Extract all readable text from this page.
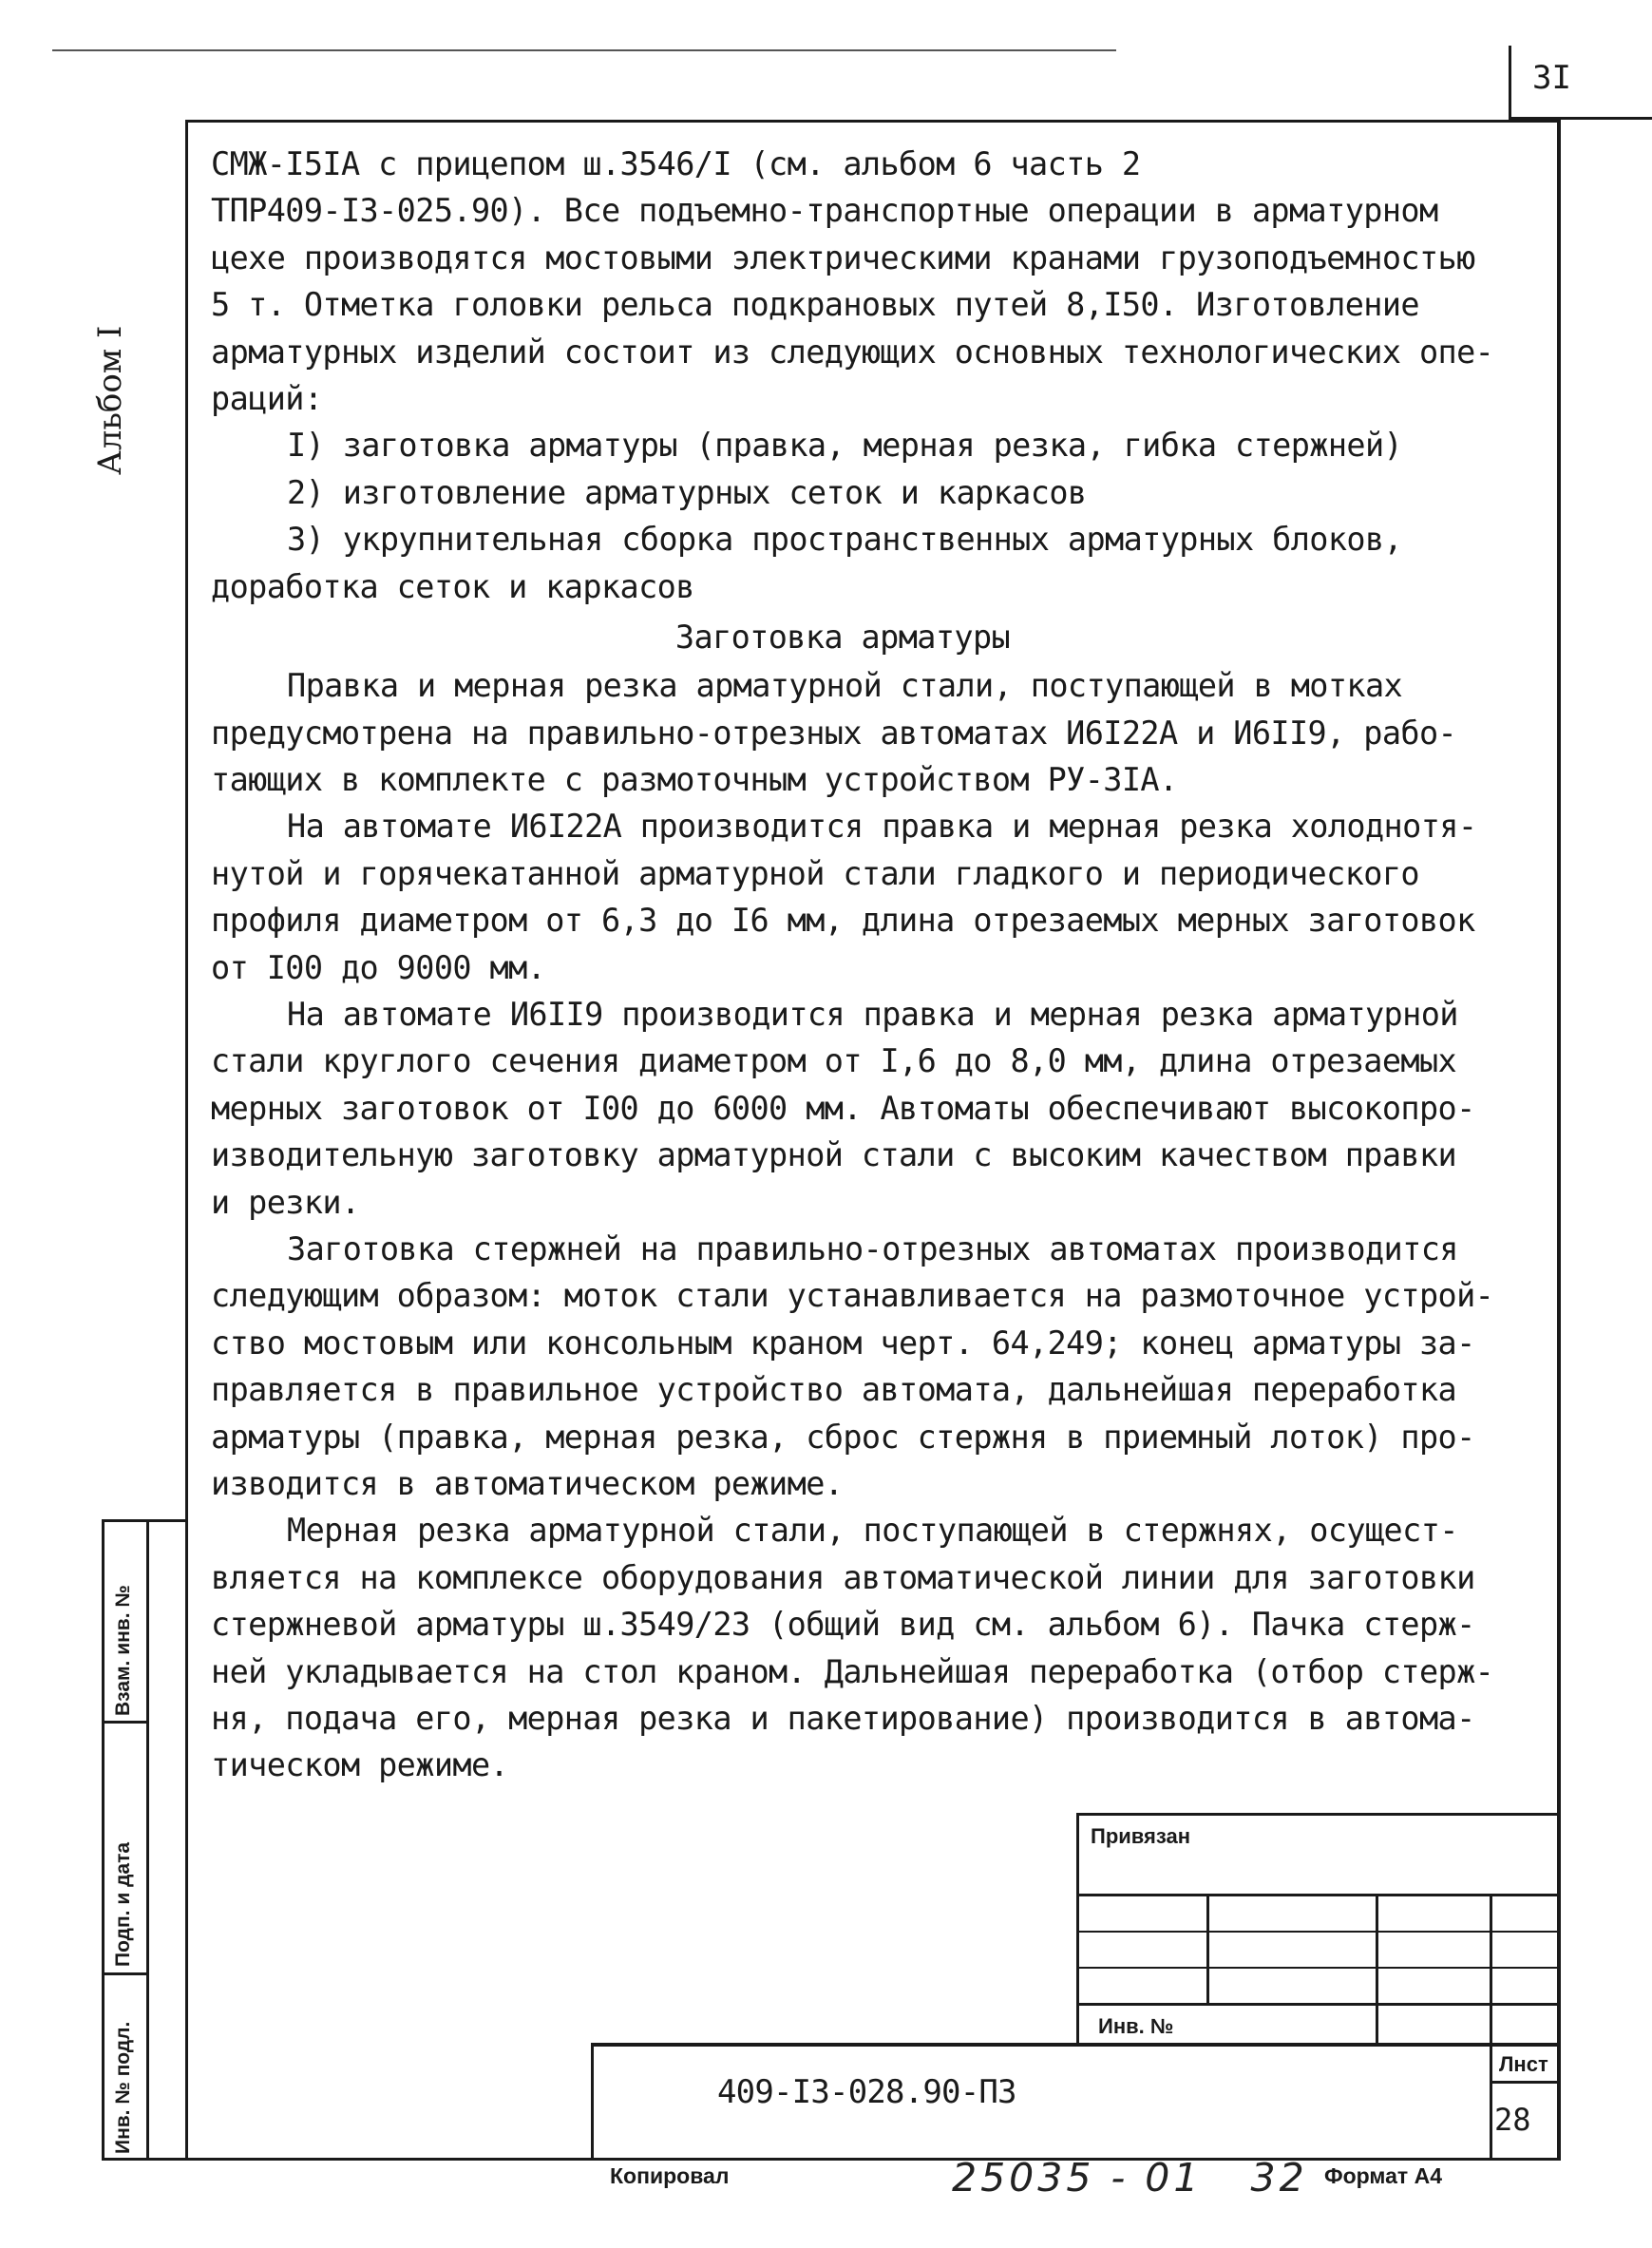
3I
Альбом I
СМЖ-I5IА с прицепом ш.3546/I (см. альбом 6 часть 2
ТПР409-I3-025.90). Все подъемно-транспортные операции в арматурном
цехе производятся мостовыми электрическими кранами грузоподъемностью
5 т. Отметка головки рельса подкрановых путей 8,I50. Изготовление
арматурных изделий состоит из следующих основных технологических опе-
раций:
I) заготовка арматуры (правка, мерная резка, гибка стержней)
2) изготовление арматурных сеток и каркасов
3) укрупнительная сборка пространственных арматурных блоков,
доработка сеток и каркасов
Заготовка арматуры
Правка и мерная резка арматурной стали, поступающей в мотках
предусмотрена на правильно-отрезных автоматах И6I22А и И6II9, рабо-
тающих в комплекте с размоточным устройством РУ-3IА.
На автомате И6I22А производится правка и мерная резка холоднотя-
нутой и горячекатанной арматурной стали гладкого и периодического
профиля диаметром от 6,3 до I6 мм, длина отрезаемых мерных заготовок
от I00 до 9000 мм.
На автомате И6II9 производится правка и мерная резка арматурной
стали круглого сечения диаметром от I,6 до 8,0 мм, длина отрезаемых
мерных заготовок от I00 до 6000 мм. Автоматы обеспечивают высокопро-
изводительную заготовку арматурной стали с высоким качеством правки
и резки.
Заготовка стержней на правильно-отрезных автоматах производится
следующим образом: моток стали устанавливается на размоточное устрой-
ство мостовым или консольным краном черт. 64,249; конец арматуры за-
правляется в правильное устройство автомата, дальнейшая переработка
арматуры (правка, мерная резка, сброс стержня в приемный лоток) про-
изводится в автоматическом режиме.
Мерная резка арматурной стали, поступающей в стержнях, осущест-
вляется на комплексе оборудования автоматической линии для заготовки
стержневой арматуры ш.3549/23 (общий вид см. альбом 6). Пачка стерж-
ней укладывается на стол краном. Дальнейшая переработка (отбор стерж-
ня, подача его, мерная резка и пакетирование) производится в автома-
тическом режиме.
Взам. инв. №
Подп. и дата
Инв. № подл.
Привязан
Инв. №
409-I3-028.90-ПЗ
Лнст
28
Копировал	25035 - 01   32 Формат А4
